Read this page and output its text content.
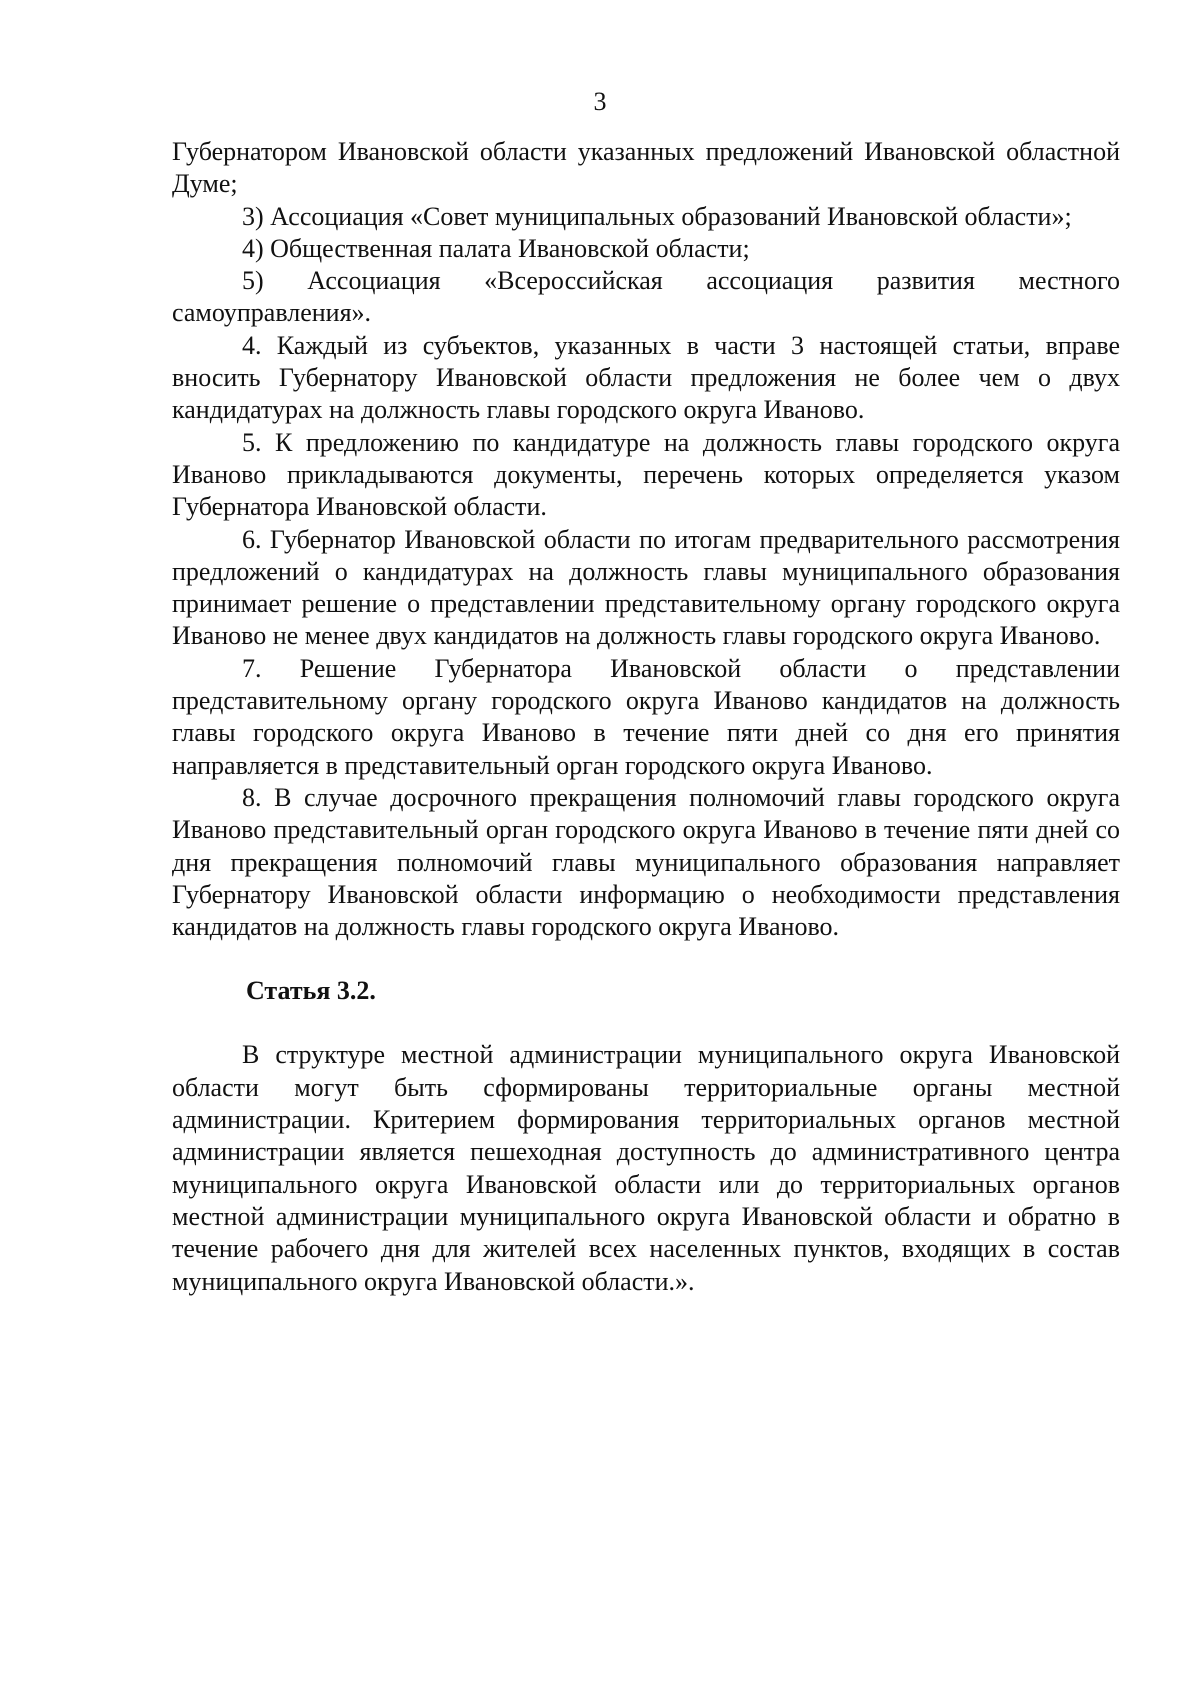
3

Губернатором Ивановской области указанных предложений Ивановской областной Думе;

3) Ассоциация «Совет муниципальных образований Ивановской области»;

4) Общественная палата Ивановской области;

5) Ассоциация «Всероссийская ассоциация развития местного самоуправления».

4. Каждый из субъектов, указанных в части 3 настоящей статьи, вправе вносить Губернатору Ивановской области предложения не более чем о двух кандидатурах на должность главы городского округа Иваново.

5. К предложению по кандидатуре на должность главы городского округа Иваново прикладываются документы, перечень которых определяется указом Губернатора Ивановской области.

6. Губернатор Ивановской области по итогам предварительного рассмотрения предложений о кандидатурах на должность главы муниципального образования принимает решение о представлении представительному органу городского округа Иваново не менее двух кандидатов на должность главы городского округа Иваново.

7. Решение Губернатора Ивановской области о представлении представительному органу городского округа Иваново кандидатов на должность главы городского округа Иваново в течение пяти дней со дня его принятия направляется в представительный орган городского округа Иваново.

8. В случае досрочного прекращения полномочий главы городского округа Иваново представительный орган городского округа Иваново в течение пяти дней со дня прекращения полномочий главы муниципального образования направляет Губернатору Ивановской области информацию о необходимости представления кандидатов на должность главы городского округа Иваново.

Статья 3.2.

В структуре местной администрации муниципального округа Ивановской области могут быть сформированы территориальные органы местной администрации. Критерием формирования территориальных органов местной администрации является пешеходная доступность до административного центра муниципального округа Ивановской области или до территориальных органов местной администрации муниципального округа Ивановской области и обратно в течение рабочего дня для жителей всех населенных пунктов, входящих в состав муниципального округа Ивановской области.».
